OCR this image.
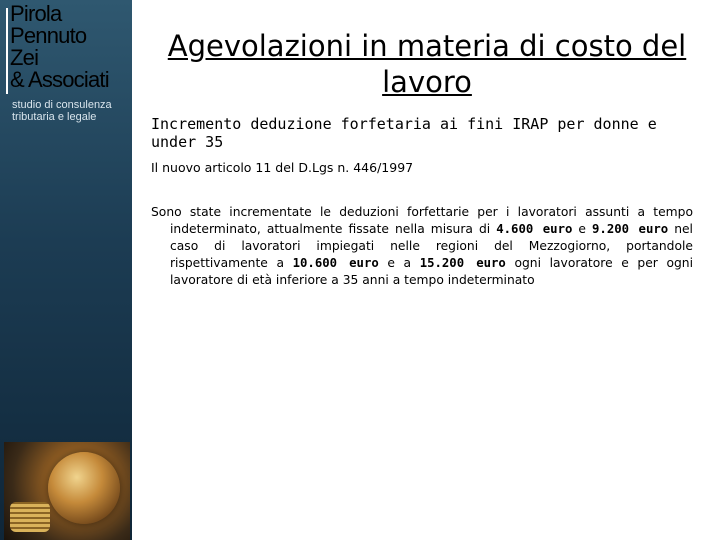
Pirola
Pennuto
Zei
& Associati
studio di consulenza
tributaria e legale
Agevolazioni in materia di costo del lavoro
Incremento deduzione forfetaria ai fini IRAP per donne e under 35
Il nuovo articolo 11 del D.Lgs n. 446/1997
Sono state incrementate le deduzioni forfettarie per i lavoratori assunti a tempo indeterminato, attualmente fissate nella misura di 4.600 euro e 9.200 euro nel caso di lavoratori impiegati nelle regioni del Mezzogiorno, portandole rispettivamente a 10.600 euro e a 15.200 euro ogni lavoratore e per ogni lavoratore di età inferiore a 35 anni a tempo indeterminato
